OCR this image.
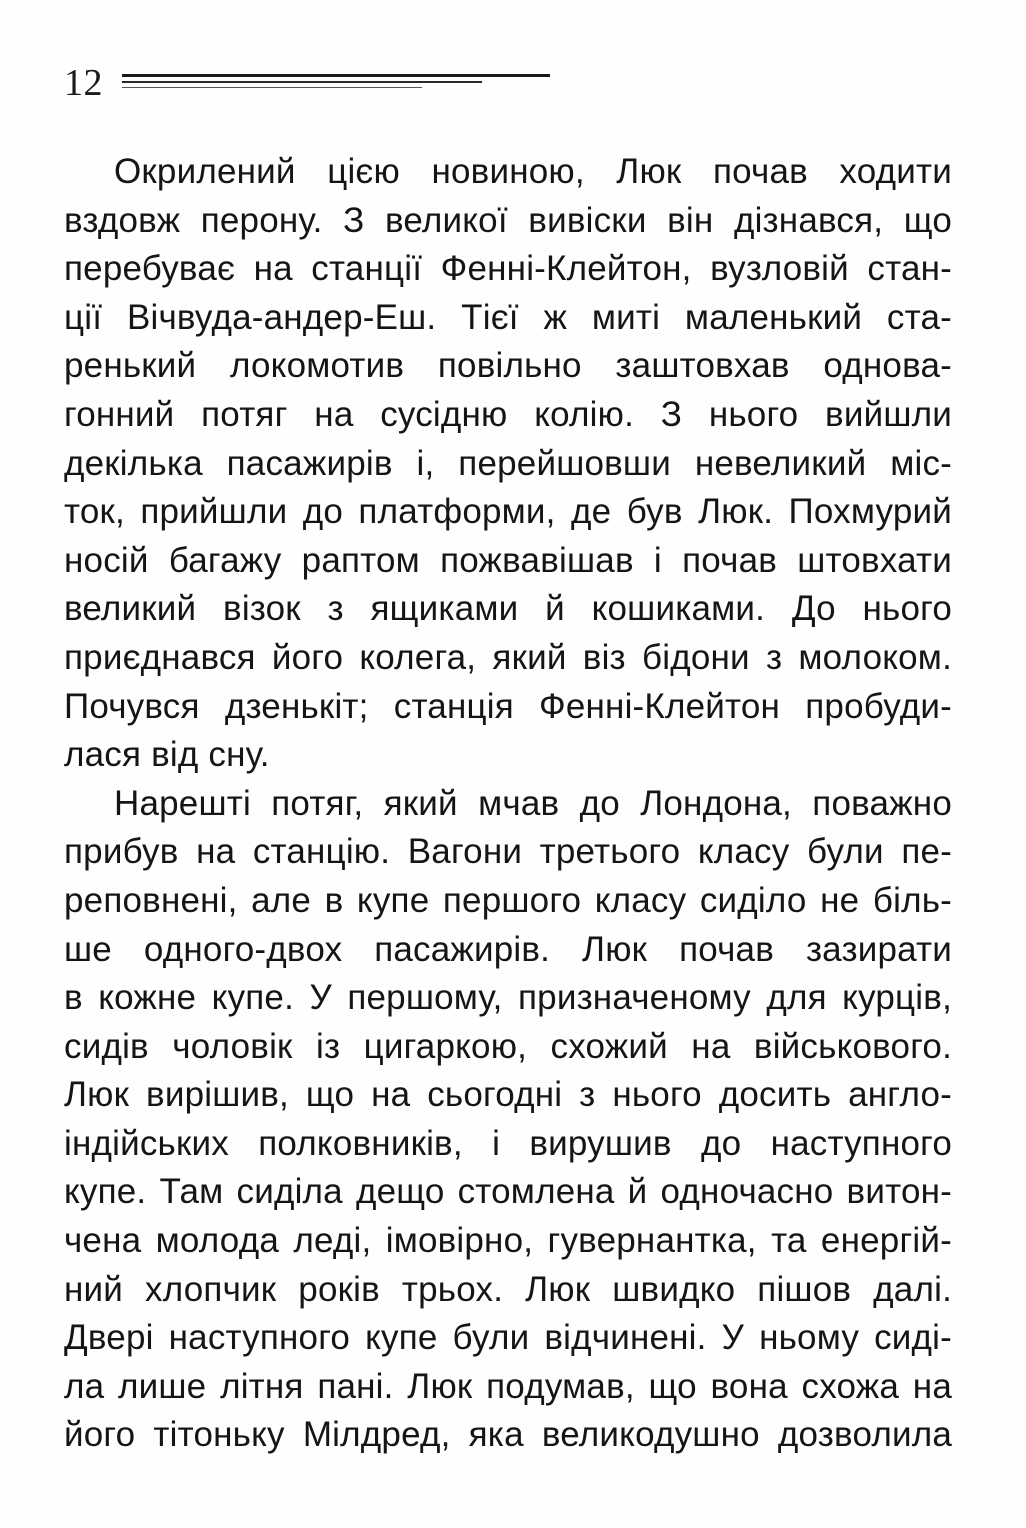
12
Окрилений цією новиною, Люк почав ходити
вздовж перону. З великої вивіски він дізнався, що
перебуває на станції Фенні-Клейтон, вузловій стан-
ції Вічвуда-андер-Еш. Тієї ж миті маленький ста-
ренький локомотив повільно заштовхав однова-
гонний потяг на сусідню колію. З нього вийшли
декілька пасажирів і, перейшовши невеликий міс-
ток, прийшли до платформи, де був Люк. Похмурий
носій багажу раптом пожвавішав і почав штовхати
великий візок з ящиками й кошиками. До нього
приєднався його колега, який віз бідони з молоком.
Почувся дзенькіт; станція Фенні-Клейтон пробуди-
лася від сну.
Нарешті потяг, який мчав до Лондона, поважно
прибув на станцію. Вагони третього класу були пе-
реповнені, але в купе першого класу сиділо не біль-
ше одного-двох пасажирів. Люк почав зазирати
в кожне купе. У першому, призначеному для курців,
сидів чоловік із цигаркою, схожий на військового.
Люк вирішив, що на сьогодні з нього досить англо-
індійських полковників, і вирушив до наступного
купе. Там сиділа дещо стомлена й одночасно витон-
чена молода леді, імовірно, гувернантка, та енергій-
ний хлопчик років трьох. Люк швидко пішов далі.
Двері наступного купе були відчинені. У ньому сиді-
ла лише літня пані. Люк подумав, що вона схожа на
його тітоньку Мілдред, яка великодушно дозволила
